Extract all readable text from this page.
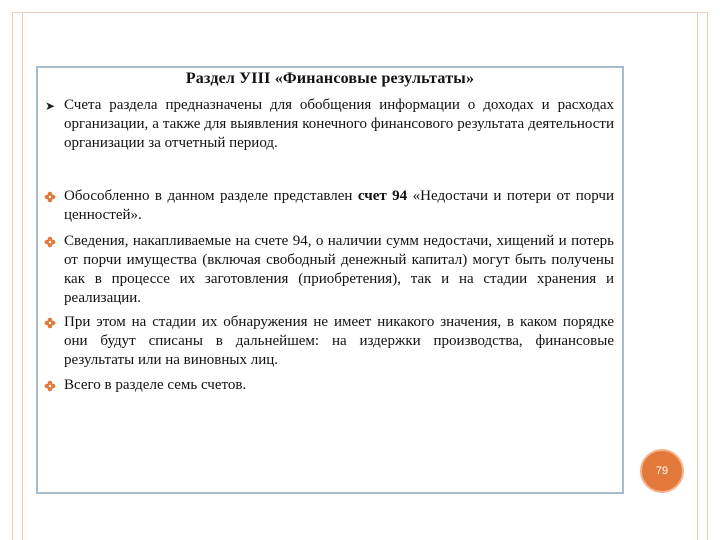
Раздел УIII «Финансовые результаты»
➤ Счета раздела предназначены для обобщения информации о доходах и расходах организации, а также для выявления конечного финансового результата деятельности организации за отчетный период.
Обособленно в данном разделе представлен счет 94 «Недостачи и потери от порчи ценностей».
Сведения, накапливаемые на счете 94, о наличии сумм недостачи, хищений и потерь от порчи имущества (включая свободный денежный капитал) могут быть получены как в процессе их заготовления (приобретения), так и на стадии хранения и реализации.
При этом на стадии их обнаружения не имеет никакого значения, в каком порядке они будут списаны в дальнейшем: на издержки производства, финансовые результаты или на виновных лиц.
Всего в разделе семь счетов.
79
